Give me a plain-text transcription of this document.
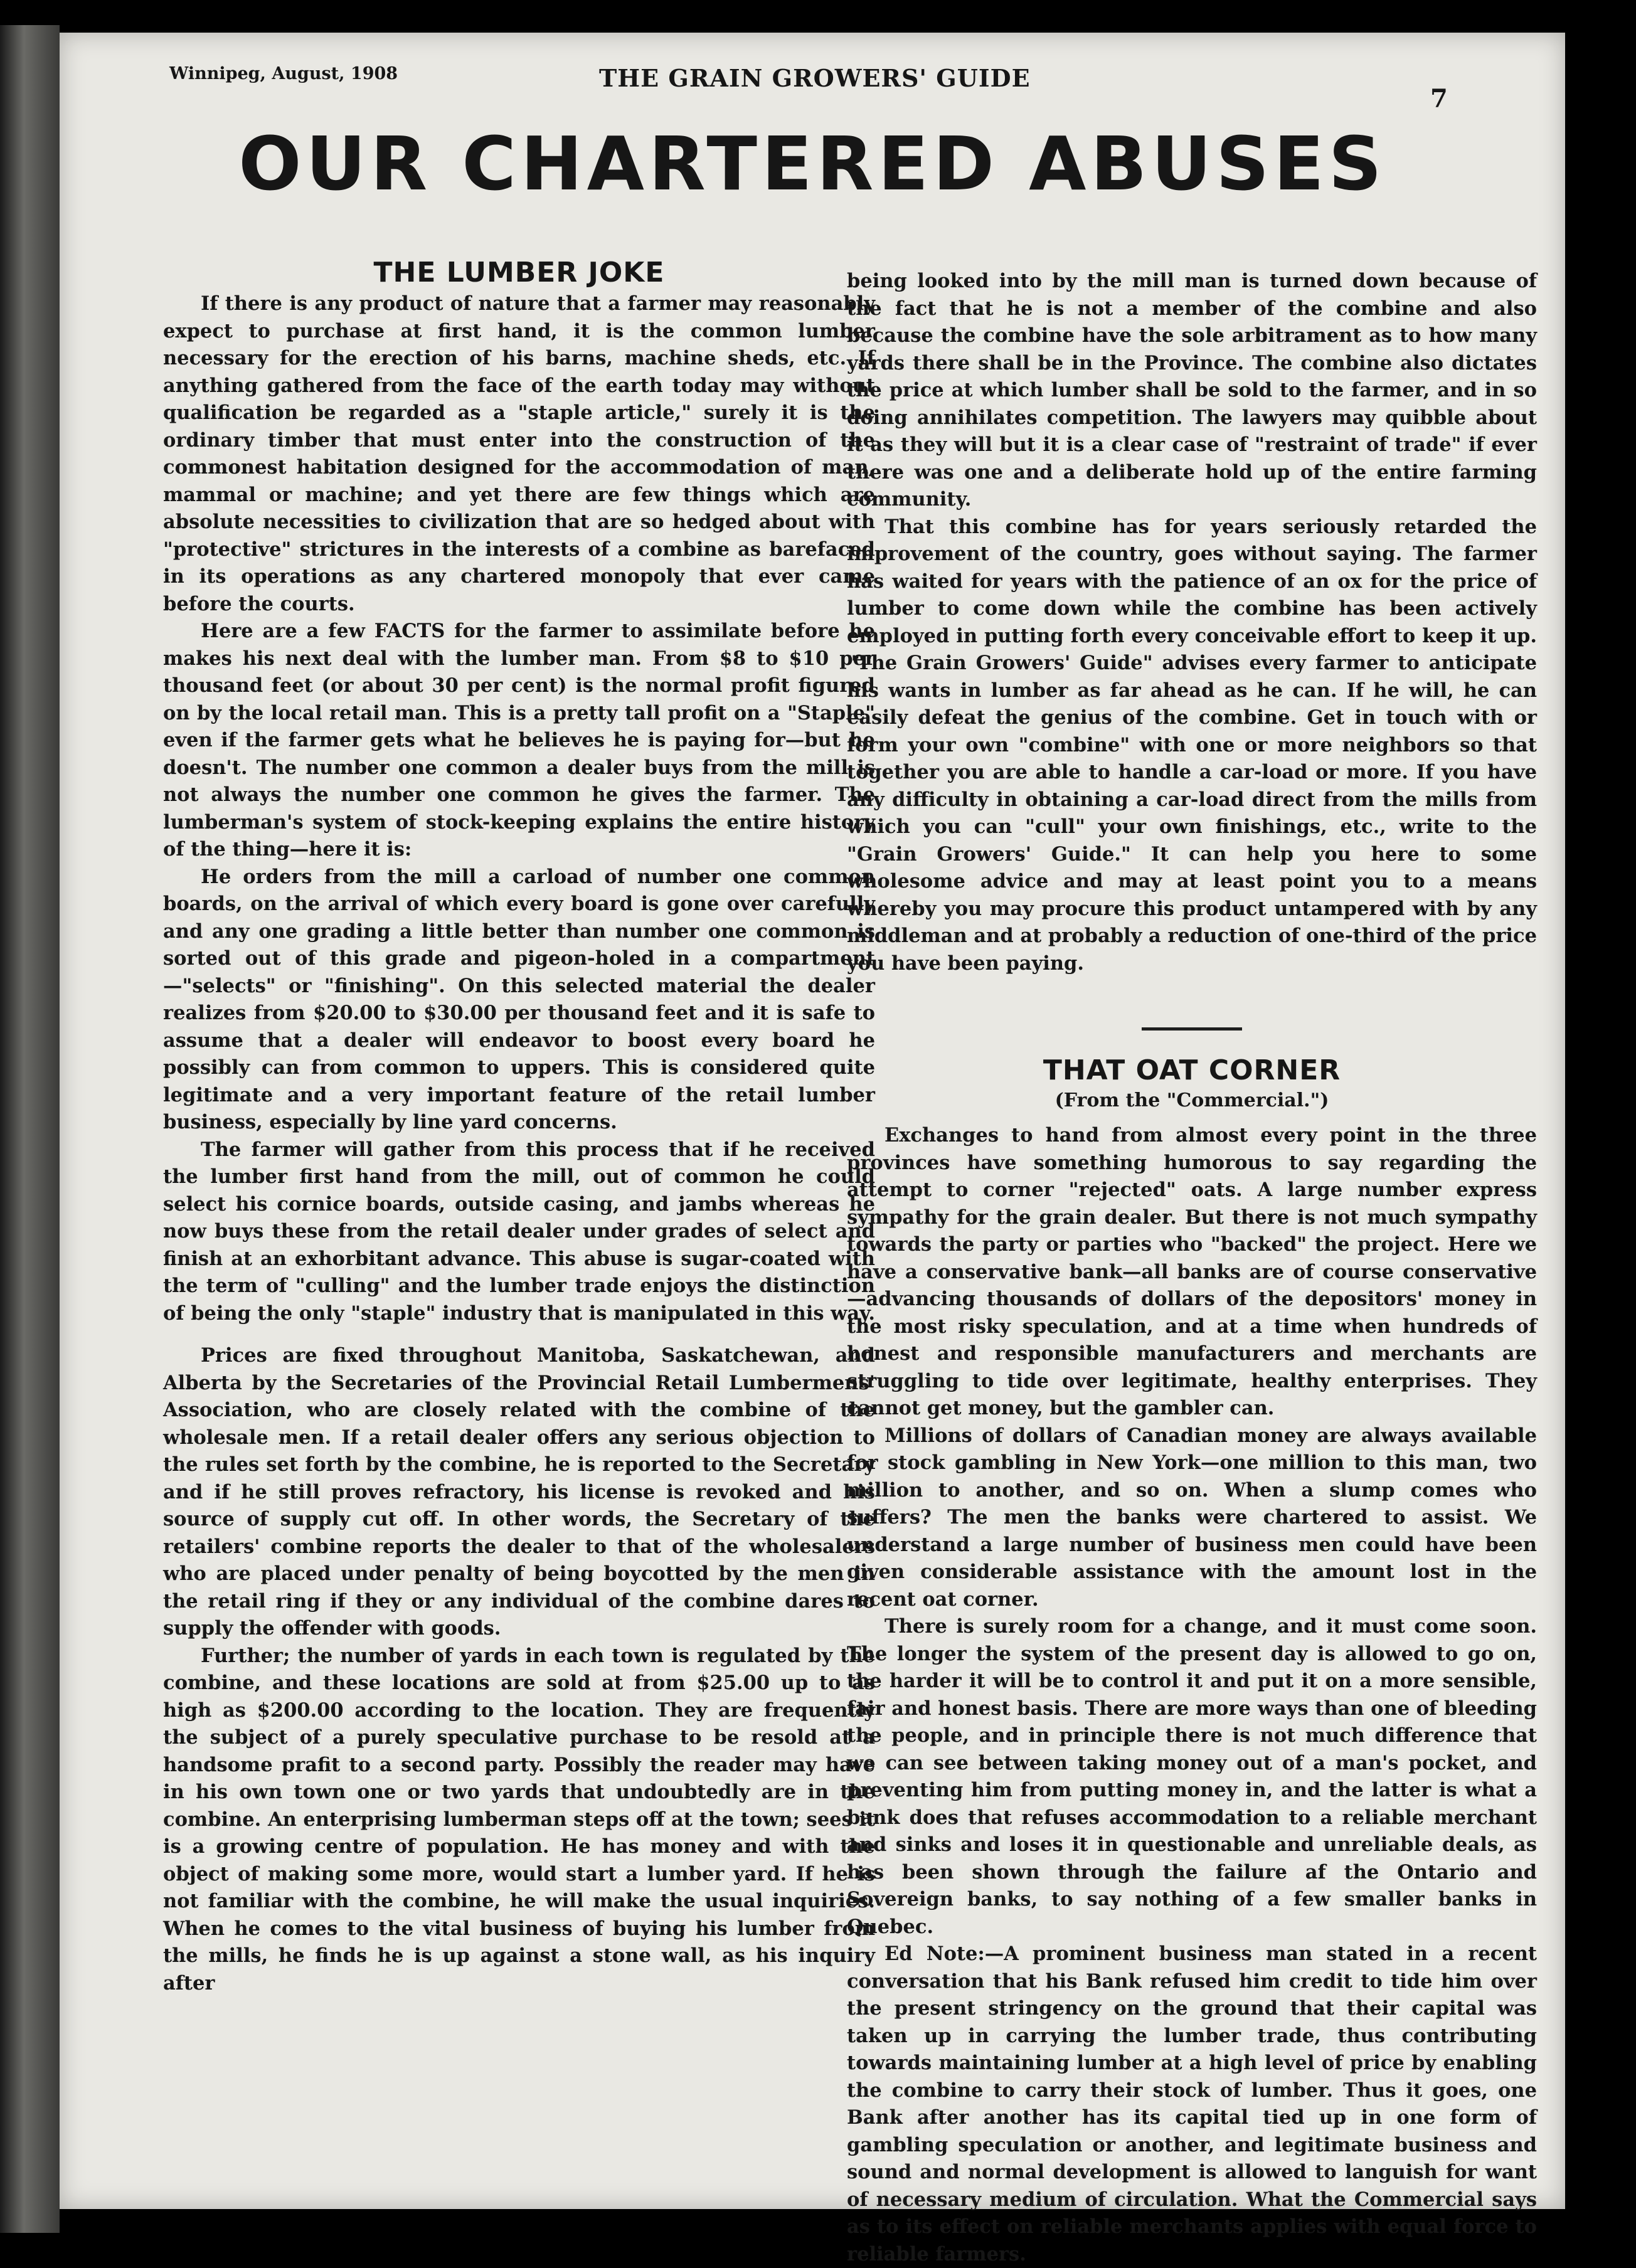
Winnipeg, August, 1908	THE GRAIN GROWERS' GUIDE
7
OUR CHARTERED ABUSES
THE LUMBER JOKE

If there is any product of nature that a farmer may reasonably expect to purchase at first hand, it is the common lumber necessary for the erection of his barns, machine sheds, etc. If anything gathered from the face of the earth today may without qualification be regarded as a "staple article," surely it is the ordinary timber that must enter into the construction of the commonest habitation designed for the accommodation of man, mammal or machine; and yet there are few things which are absolute necessities to civilization that are so hedged about with "protective" strictures in the interests of a combine as barefaced in its operations as any chartered monopoly that ever came before the courts.

Here are a few FACTS for the farmer to assimilate before he makes his next deal with the lumber man. From $8 to $10 per thousand feet (or about 30 per cent) is the normal profit figured on by the local retail man. This is a pretty tall profit on a "Staple" even if the farmer gets what he believes he is paying for—but he doesn't. The number one common a dealer buys from the mill is not always the number one common he gives the farmer. The lumberman's system of stock-keeping explains the entire history of the thing—here it is:

He orders from the mill a carload of number one common boards, on the arrival of which every board is gone over carefully and any one grading a little better than number one common is sorted out of this grade and pigeon-holed in a compartment—"selects" or "finishing". On this selected material the dealer realizes from $20.00 to $30.00 per thousand feet and it is safe to assume that a dealer will endeavor to boost every board he possibly can from common to uppers. This is considered quite legitimate and a very important feature of the retail lumber business, especially by line yard concerns.

The farmer will gather from this process that if he received the lumber first hand from the mill, out of common he could select his cornice boards, outside casing, and jambs whereas he now buys these from the retail dealer under grades of select and finish at an exhorbitant advance. This abuse is sugar-coated with the term of "culling" and the lumber trade enjoys the distinction of being the only "staple" industry that is manipulated in this way.

Prices are fixed throughout Manitoba, Saskatchewan, and Alberta by the Secretaries of the Provincial Retail Lumbermens' Association, who are closely related with the combine of the wholesale men. If a retail dealer offers any serious objection to the rules set forth by the combine, he is reported to the Secretary and if he still proves refractory, his license is revoked and his source of supply cut off. In other words, the Secretary of the retailers' combine reports the dealer to that of the wholesalers who are placed under penalty of being boycotted by the men in the retail ring if they or any individual of the combine dares to supply the offender with goods.

Further; the number of yards in each town is regulated by the combine, and these locations are sold at from $25.00 up to as high as $200.00 according to the location. They are frequently the subject of a purely speculative purchase to be resold at a handsome prafit to a second party. Possibly the reader may have in his own town one or two yards that undoubtedly are in the combine. An enterprising lumberman steps off at the town; sees it is a growing centre of population. He has money and with the object of making some more, would start a lumber yard. If he is not familiar with the combine, he will make the usual inquiries. When he comes to the vital business of buying his lumber from the mills, he finds he is up against a stone wall, as his inquiry after

being looked into by the mill man is turned down because of the fact that he is not a member of the combine and also because the combine have the sole arbitrament as to how many yards there shall be in the Province. The combine also dictates the price at which lumber shall be sold to the farmer, and in so doing annihilates competition. The lawyers may quibble about it as they will but it is a clear case of "restraint of trade" if ever there was one and a deliberate hold up of the entire farming community.

That this combine has for years seriously retarded the improvement of the country, goes without saying. The farmer has waited for years with the patience of an ox for the price of lumber to come down while the combine has been actively employed in putting forth every conceivable effort to keep it up. "The Grain Growers' Guide" advises every farmer to anticipate his wants in lumber as far ahead as he can. If he will, he can easily defeat the genius of the combine. Get in touch with or form your own "combine" with one or more neighbors so that together you are able to handle a car-load or more. If you have any difficulty in obtaining a car-load direct from the mills from which you can "cull" your own finishings, etc., write to the "Grain Growers' Guide." It can help you here to some wholesome advice and may at least point you to a means whereby you may procure this product untampered with by any middleman and at probably a reduction of one-third of the price you have been paying.

THAT OAT CORNER
(From the "Commercial.")

Exchanges to hand from almost every point in the three provinces have something humorous to say regarding the attempt to corner "rejected" oats. A large number express sympathy for the grain dealer. But there is not much sympathy towards the party or parties who "backed" the project. Here we have a conservative bank—all banks are of course conservative—advancing thousands of dollars of the depositors' money in the most risky speculation, and at a time when hundreds of honest and responsible manufacturers and merchants are struggling to tide over legitimate, healthy enterprises. They cannot get money, but the gambler can.

Millions of dollars of Canadian money are always available for stock gambling in New York—one million to this man, two million to another, and so on. When a slump comes who suffers? The men the banks were chartered to assist. We understand a large number of business men could have been given considerable assistance with the amount lost in the recent oat corner.

There is surely room for a change, and it must come soon. The longer the system of the present day is allowed to go on, the harder it will be to control it and put it on a more sensible, fair and honest basis. There are more ways than one of bleeding the people, and in principle there is not much difference that we can see between taking money out of a man's pocket, and preventing him from putting money in, and the latter is what a bank does that refuses accommodation to a reliable merchant and sinks and loses it in questionable and unreliable deals, as has been shown through the failure af the Ontario and Sovereign banks, to say nothing of a few smaller banks in Quebec.

Ed Note:—A prominent business man stated in a recent conversation that his Bank refused him credit to tide him over the present stringency on the ground that their capital was taken up in carrying the lumber trade, thus contributing towards maintaining lumber at a high level of price by enabling the combine to carry their stock of lumber. Thus it goes, one Bank after another has its capital tied up in one form of gambling speculation or another, and legitimate business and sound and normal development is allowed to languish for want of necessary medium of circulation. What the Commercial says as to its effect on reliable merchants applies with equal force to reliable farmers.
